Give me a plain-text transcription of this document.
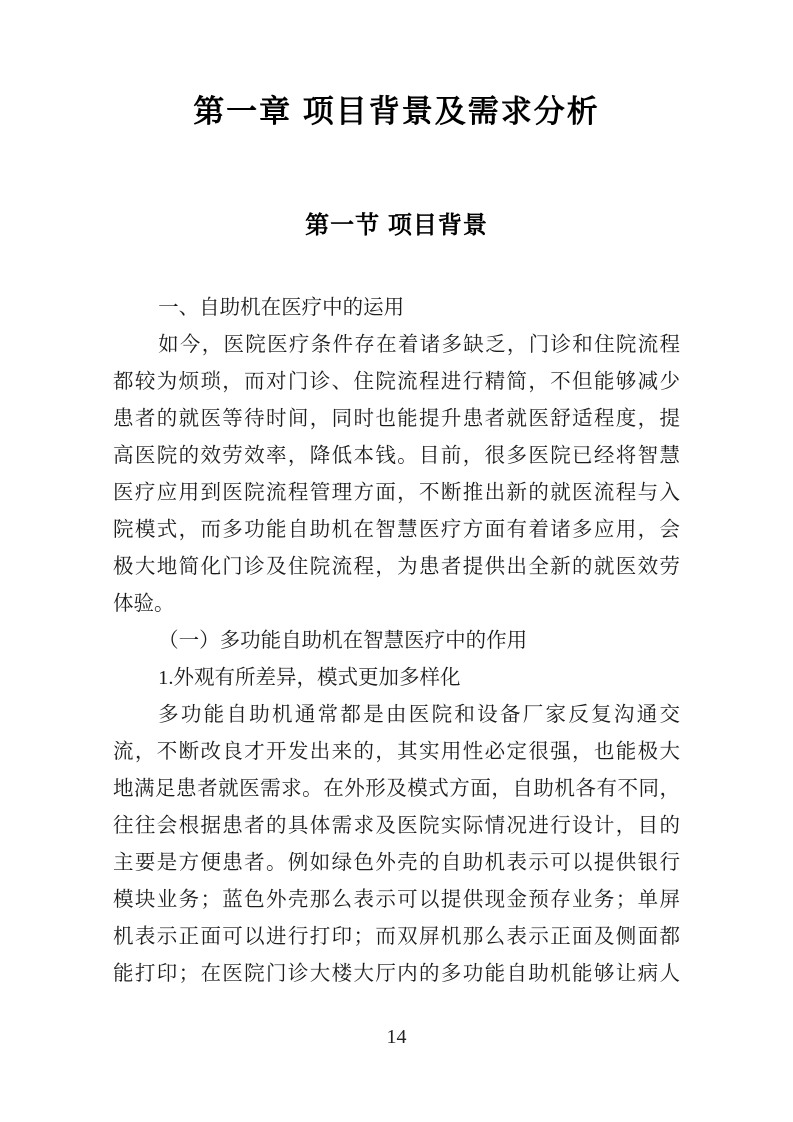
第一章 项目背景及需求分析
第一节 项目背景
一、自助机在医疗中的运用
如今，医院医疗条件存在着诸多缺乏，门诊和住院流程
都较为烦琐，而对门诊、住院流程进行精简，不但能够减少
患者的就医等待时间，同时也能提升患者就医舒适程度，提
高医院的效劳效率，降低本钱。目前，很多医院已经将智慧
医疗应用到医院流程管理方面，不断推出新的就医流程与入
院模式，而多功能自助机在智慧医疗方面有着诸多应用，会
极大地简化门诊及住院流程，为患者提供出全新的就医效劳
体验。
（一）多功能自助机在智慧医疗中的作用
1.外观有所差异，模式更加多样化
多功能自助机通常都是由医院和设备厂家反复沟通交
流，不断改良才开发出来的，其实用性必定很强，也能极大
地满足患者就医需求。在外形及模式方面，自助机各有不同，
往往会根据患者的具体需求及医院实际情况进行设计，目的
主要是方便患者。例如绿色外壳的自助机表示可以提供银行
模块业务；蓝色外壳那么表示可以提供现金预存业务；单屏
机表示正面可以进行打印；而双屏机那么表示正面及侧面都
能打印；在医院门诊大楼大厅内的多功能自助机能够让病人
14
